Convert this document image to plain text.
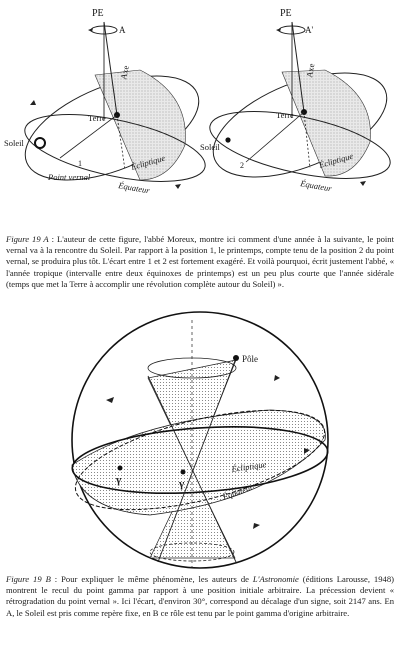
PE
A
Axe
Terre
Soleil
Écliptique
Point vernal
Équateur
1
PE
A'
Axe
Terre
Soleil
Écliptique
Équateur
2

Figure 19 A : L'auteur de cette figure, l'abbé Moreux, montre ici comment d'une année à la suivante, le point vernal va à la rencontre du Soleil. Par rapport à la position 1, le printemps, compte tenu de la position 2 du point vernal, se produira plus tôt. L'écart entre 1 et 2 est fortement exagéré. Et voilà pourquoi, écrit justement l'abbé, « l'année tropique (intervalle entre deux équinoxes de printemps) est un peu plus courte que l'année sidérale (temps que met la Terre à accomplir une révolution complète autour du Soleil) ».

Pôle
Écliptique
Équateur
γ	γ

Figure 19 B : Pour expliquer le même phénomène, les auteurs de L'Astronomie (éditions Larousse, 1948) montrent le recul du point gamma par rapport à une position initiale arbitraire. La précession devient « rétrogradation du point vernal ». Ici l'écart, d'environ 30°, correspond au décalage d'un signe, soit 2147 ans. En A, le Soleil est pris comme repère fixe, en B ce rôle est tenu par le point gamma d'origine arbitraire.
